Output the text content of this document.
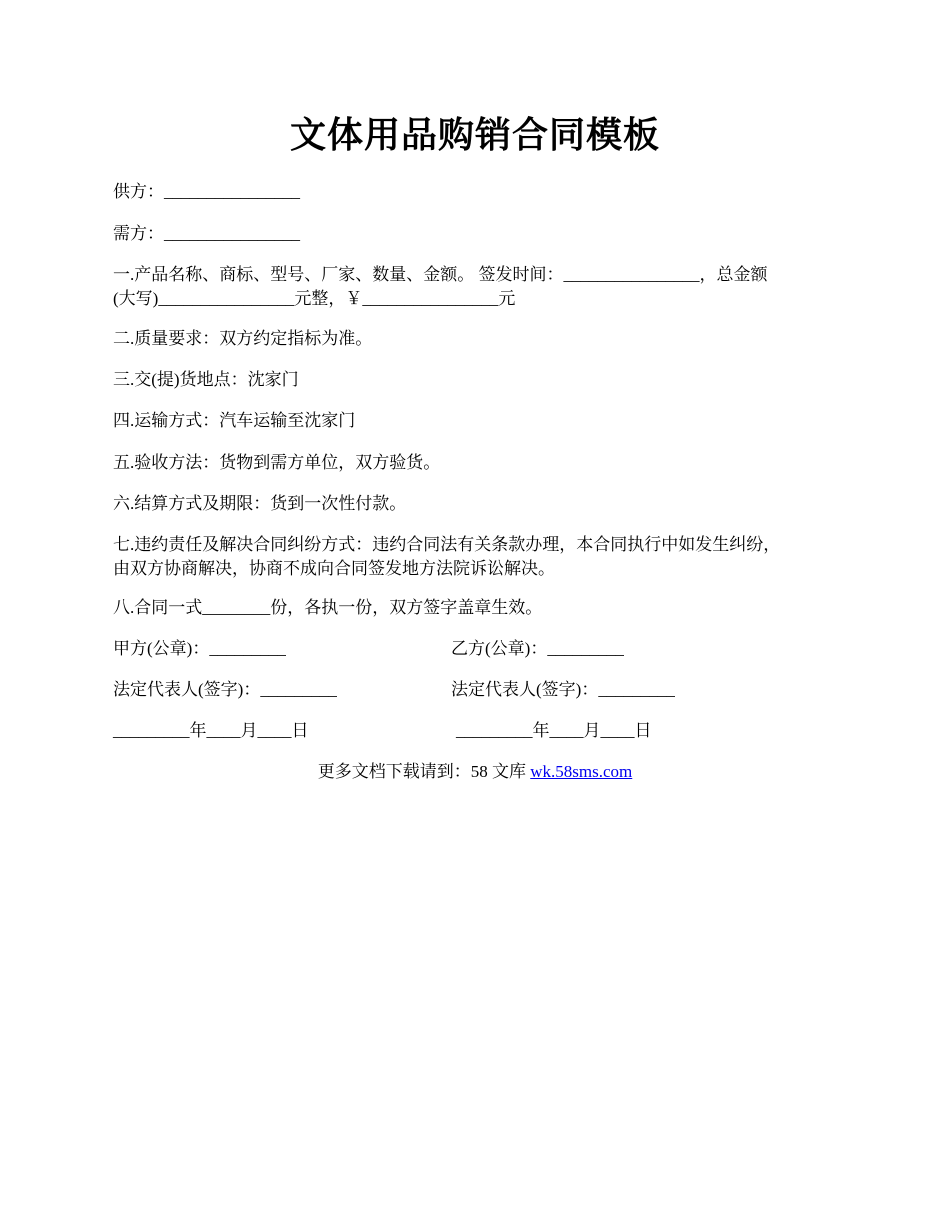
文体用品购销合同模板
供方：________________
需方：________________
一.产品名称、商标、型号、厂家、数量、金额。 签发时间：________________，总金额
(大写)________________元整，￥________________元
二.质量要求：双方约定指标为准。
三.交(提)货地点：沈家门
四.运输方式：汽车运输至沈家门
五.验收方法：货物到需方单位，双方验货。
六.结算方式及期限：货到一次性付款。
七.违约责任及解决合同纠纷方式：违约合同法有关条款办理，本合同执行中如发生纠纷，
由双方协商解决，协商不成向合同签发地方法院诉讼解决。
八.合同一式________份，各执一份，双方签字盖章生效。
甲方(公章)：_________	乙方(公章)：_________
法定代表人(签字)：_________	法定代表人(签字)：_________
_________年____月____日	_________年____月____日
更多文档下载请到：58 文库 wk.58sms.com
